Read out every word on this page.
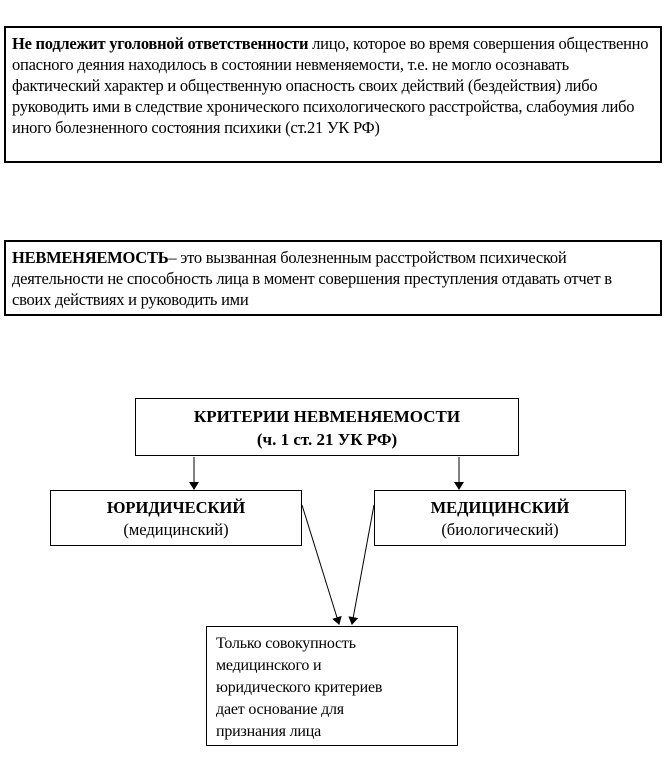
Не подлежит уголовной ответственности лицо, которое во время совершения общественно опасного деяния находилось в состоянии невменяемости, т.е. не могло осознавать фактический характер и общественную опасность своих действий (бездействия) либо руководить ими в следствие хронического психологического расстройства, слабоумия либо иного болезненного состояния психики (ст.21 УК РФ)
НЕВМЕНЯЕМОСТЬ– это вызванная болезненным расстройством психической деятельности не способность лица в момент совершения преступления отдавать отчет в своих действиях и руководить ими
КРИТЕРИИ НЕВМЕНЯЕМОСТИ
(ч. 1 ст. 21 УК РФ)
ЮРИДИЧЕСКИЙ
(медицинский)
МЕДИЦИНСКИЙ
(биологический)
Только совокупность
медицинского и
юридического критериев
дает основание для
признания лица
